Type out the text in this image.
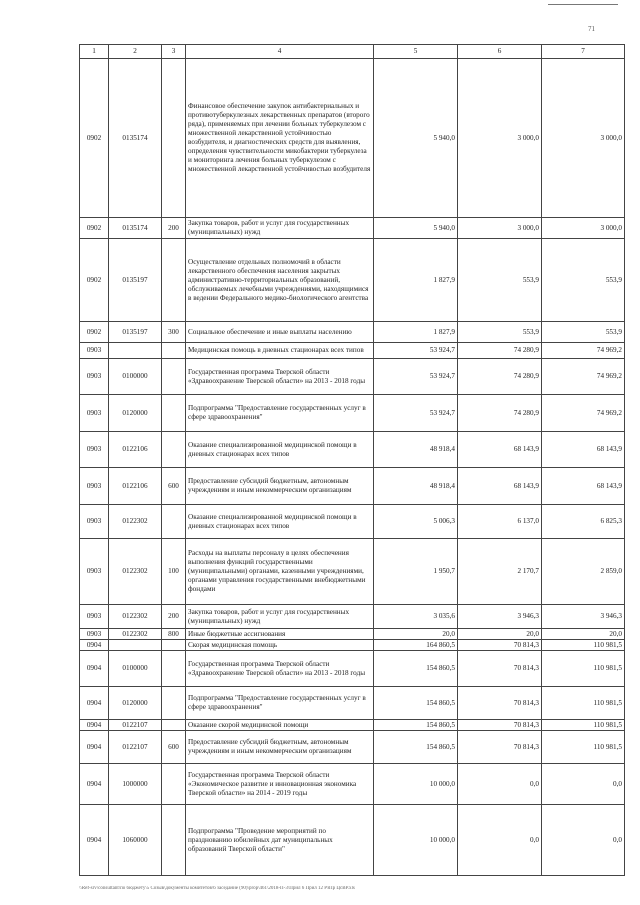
71
1	2	3	4	5	6	7
0902	0135174		Финансовое обеспечение закупок антибактериальных и противотуберкулезных лекарственных препаратов (второго ряда), применяемых при лечении больных туберкулезом с множественной лекарственной устойчивостью возбудителя, и диагностических средств для выявления, определения чувствительности микобактерии туберкулеза и мониторинга лечения больных туберкулезом с множественной лекарственной устойчивостью возбудителя	5 940,0	3 000,0	3 000,0
0902	0135174	200	Закупка товаров, работ и услуг для государственных (муниципальных) нужд	5 940,0	3 000,0	3 000,0
0902	0135197		Осуществление отдельных полномочий в области лекарственного обеспечения населения закрытых административно-территориальных образований, обслуживаемых лечебными учреждениями, находящимися в ведении Федерального медико-биологического агентства	1 827,9	553,9	553,9
0902	0135197	300	Социальное обеспечение и иные выплаты населению	1 827,9	553,9	553,9
0903			Медицинская помощь в дневных стационарах всех типов	53 924,7	74 280,9	74 969,2
0903	0100000		Государственная программа Тверской области «Здравоохранение Тверской области» на 2013 - 2018 годы	53 924,7	74 280,9	74 969,2
0903	0120000		Подпрограмма "Предоставление государственных услуг в сфере здравоохранения"	53 924,7	74 280,9	74 969,2
0903	0122106		Оказание специализированной медицинской помощи в дневных стационарах всех типов	48 918,4	68 143,9	68 143,9
0903	0122106	600	Предоставление субсидий бюджетным, автономным учреждениям и иным некоммерческим организациям	48 918,4	68 143,9	68 143,9
0903	0122302		Оказание специализированной медицинской помощи в дневных стационарах всех типов	5 006,3	6 137,0	6 825,3
0903	0122302	100	Расходы на выплаты персоналу в целях обеспечения выполнения функций государственными (муниципальными) органами, казенными учреждениями, органами управления государственными внебюджетными фондами	1 950,7	2 170,7	2 859,0
0903	0122302	200	Закупка товаров, работ и услуг для государственных (муниципальных) нужд	3 035,6	3 946,3	3 946,3
0903	0122302	800	Иные бюджетные ассигнования	20,0	20,0	20,0
0904			Скорая медицинская помощь	164 860,5	70 814,3	110 981,5
0904	0100000		Государственная программа Тверской области «Здравоохранение Тверской области» на 2013 - 2018 годы	154 860,5	70 814,3	110 981,5
0904	0120000		Подпрограмма "Предоставление государственных услуг в сфере здравоохранения"	154 860,5	70 814,3	110 981,5
0904	0122107		Оказание скорой медицинской помощи	154 860,5	70 814,3	110 981,5
0904	0122107	600	Предоставление субсидий бюджетным, автономным учреждениям и иным некоммерческим организациям	154 860,5	70 814,3	110 981,5
0904	1000000		Государственная программа Тверской области «Экономическое развитие и инновационная экономика Тверской области» на 2014 - 2019 годы	10 000,0	0,0	0,0
0904	1060000		Подпрограмма "Проведение мероприятий по празднованию юбилейных дат муниципальных образований Тверской области"	10 000,0	0,0	0,0
\\Ref-srv\consultant\по бюджету\5 Созыв\документы комитетов\6 заседание (90)\prop\461\2018-П-3\Прил 6 Прил 12 РзПр ЦсВР.xls
